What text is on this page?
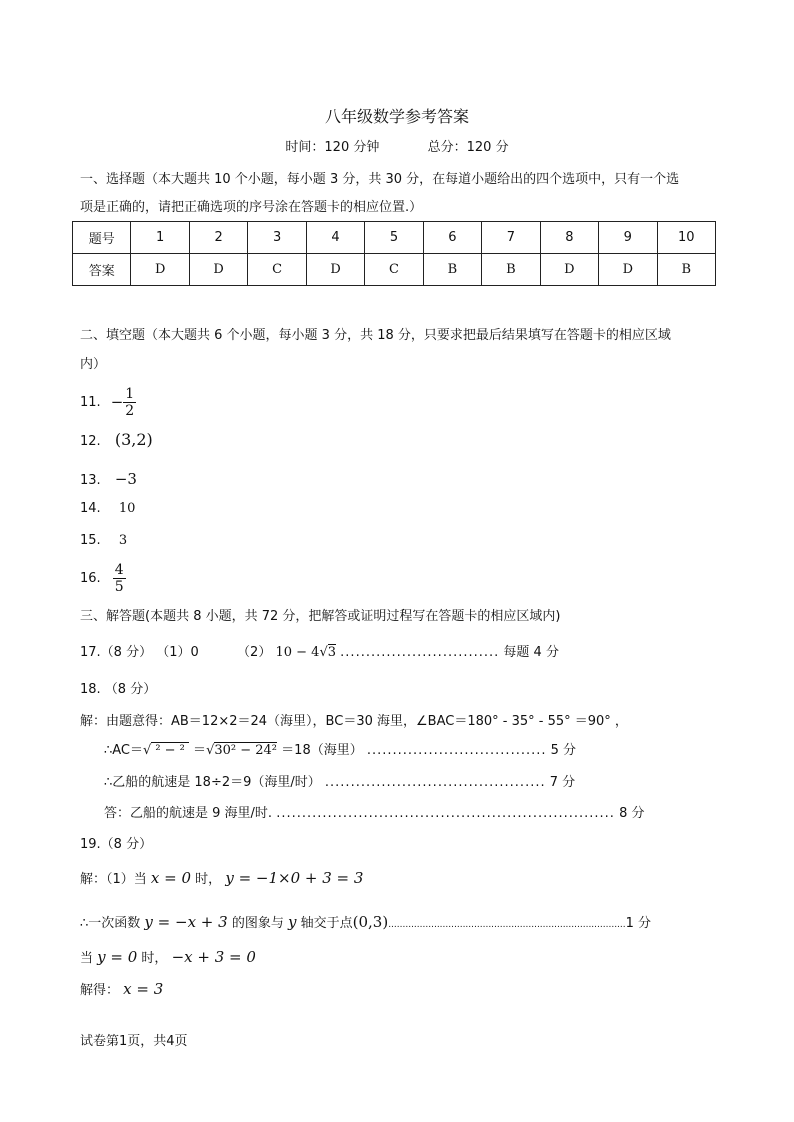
八年级数学参考答案
时间：120 分钟	总分：120 分
一、选择题（本大题共 10 个小题，每小题 3 分，共 30 分，在每道小题给出的四个选项中，只有一个选
项是正确的，请把正确选项的序号涂在答题卡的相应位置.）
题号	1	2	3	4	5	6	7	8	9	10
答案	D	D	C	D	C	B	B	D	D	B
二、填空题（本大题共 6 个小题，每小题 3 分，共 18 分，只要求把最后结果填写在答题卡的相应区域
内）
11. − $\frac{1}{2}$
12. (3,2)
13. −3
14. 10
15. 3
16. $\frac{4}{5}$
三、解答题(本题共 8 小题，共 72 分，把解答或证明过程写在答题卡的相应区域内)
17.（8 分） （1）0	（2） 10 − 4√3 ............................... 每题 4 分
18. （8 分）
解：由题意得：AB＝12×2＝24（海里），BC＝30 海里，∠BAC＝180° - 35° - 55° ＝90° ，
∴AC＝√ ² − ² ＝√30² − 24² ＝18（海里） ................................... 5 分
∴乙船的航速是 18÷2＝9（海里/时） ........................................... 7 分
答：乙船的航速是 9 海里/时. .................................................................. 8 分
19.（8 分）
解：（1）当 x = 0 时， y = −1×0 + 3 = 3
∴一次函数 y = −x + 3 的图象与 y 轴交于点(0,3)...................................................................................1 分
当 y = 0 时， −x + 3 = 0
解得： x = 3
试卷第1页，共4页
